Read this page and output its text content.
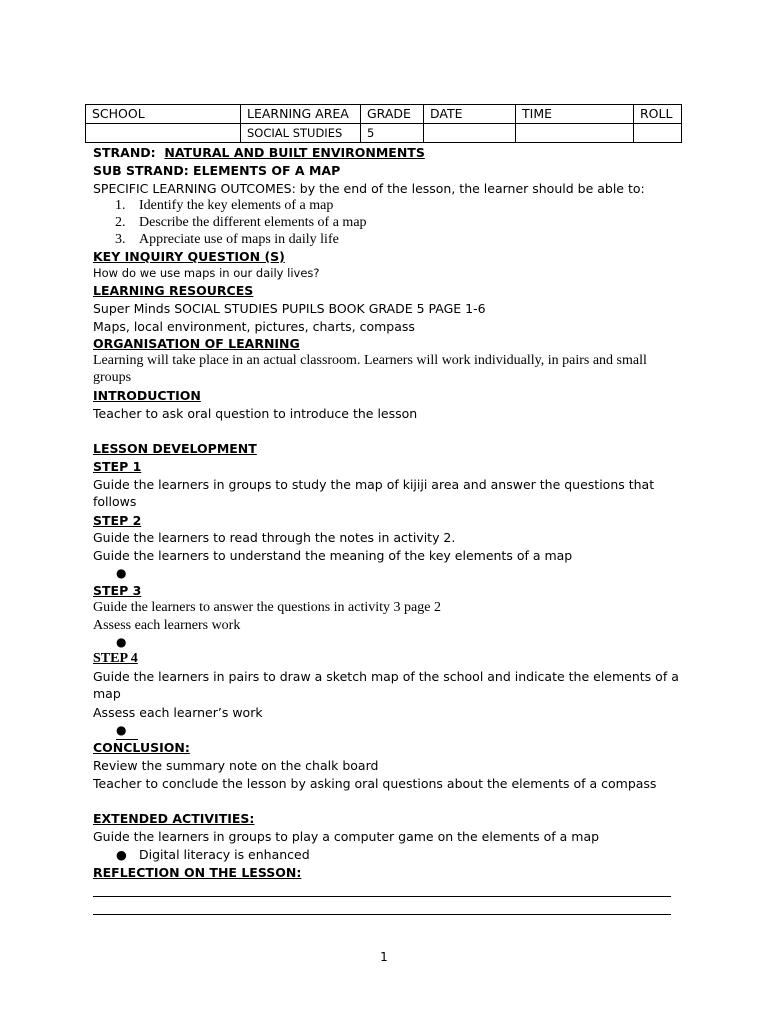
SCHOOL	LEARNING AREA	GRADE	DATE	TIME	ROLL
	SOCIAL STUDIES	5			
STRAND: NATURAL AND BUILT ENVIRONMENTS
SUB STRAND: ELEMENTS OF A MAP
SPECIFIC LEARNING OUTCOMES: by the end of the lesson, the learner should be able to:
1. Identify the key elements of a map
2. Describe the different elements of a map
3. Appreciate use of maps in daily life
KEY INQUIRY QUESTION (S)
How do we use maps in our daily lives?
LEARNING RESOURCES
Super Minds SOCIAL STUDIES PUPILS BOOK GRADE 5 PAGE 1-6
Maps, local environment, pictures, charts, compass
ORGANISATION OF LEARNING
Learning will take place in an actual classroom. Learners will work individually, in pairs and small groups
INTRODUCTION
Teacher to ask oral question to introduce the lesson
LESSON DEVELOPMENT
STEP 1
Guide the learners in groups to study the map of kijiji area and answer the questions that follows
STEP 2
Guide the learners to read through the notes in activity 2.
Guide the learners to understand the meaning of the key elements of a map
●
STEP 3
Guide the learners to answer the questions in activity 3 page 2
Assess each learners work
●
STEP 4
Guide the learners in pairs to draw a sketch map of the school and indicate the elements of a map
Assess each learner’s work
●
CONCLUSION:
Review the summary note on the chalk board
Teacher to conclude the lesson by asking oral questions about the elements of a compass
EXTENDED ACTIVITIES:
Guide the learners in groups to play a computer game on the elements of a map
● Digital literacy is enhanced
REFLECTION ON THE LESSON:
1
